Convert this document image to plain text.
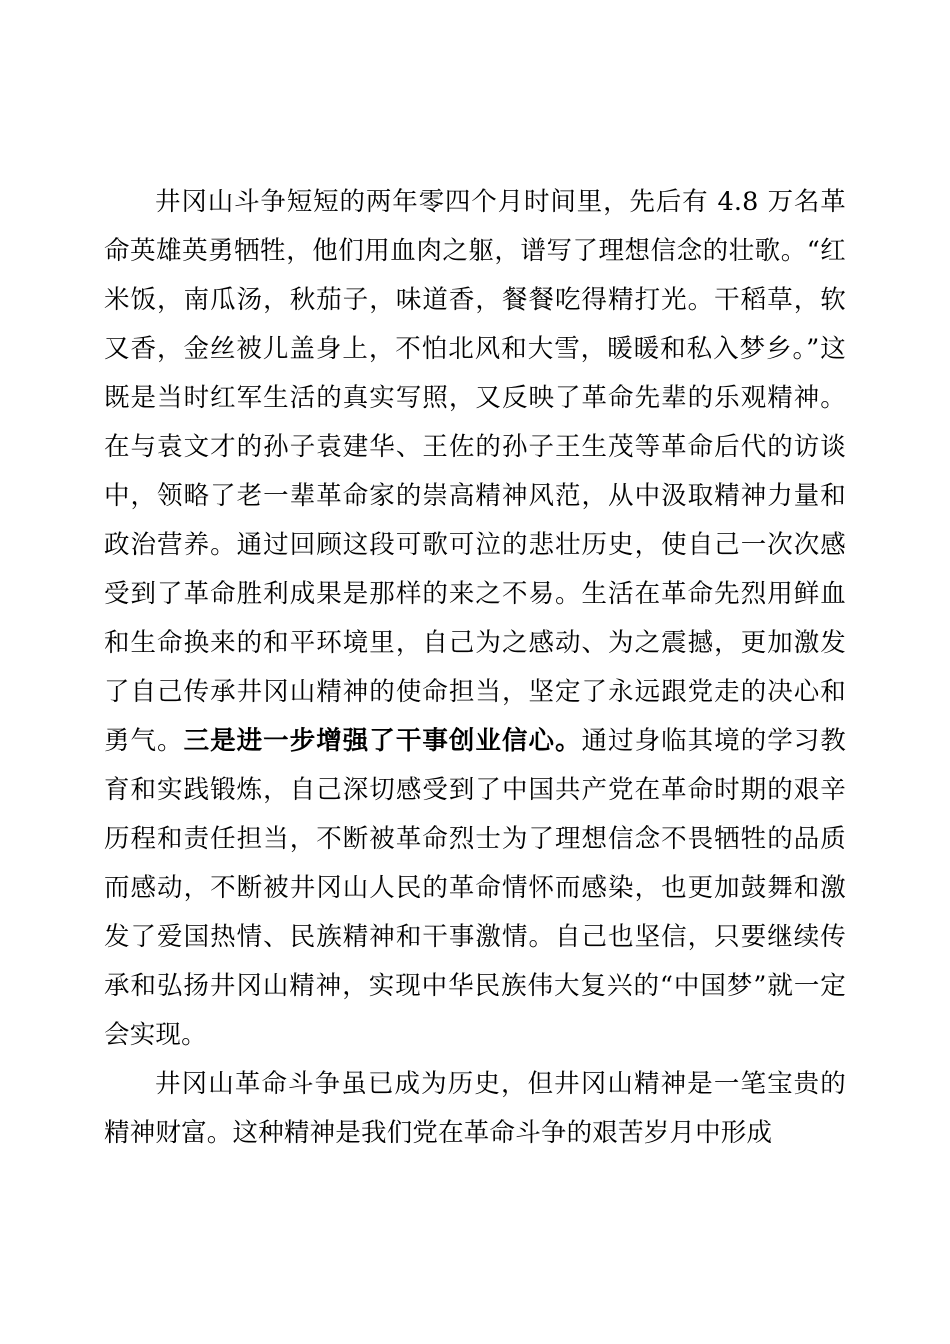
井冈山斗争短短的两年零四个月时间里，先后有 4.8 万名革命英雄英勇牺牲，他们用血肉之躯，谱写了理想信念的壮歌。“红米饭，南瓜汤，秋茄子，味道香，餐餐吃得精打光。干稻草，软又香，金丝被儿盖身上，不怕北风和大雪，暖暖和私入梦乡。”这既是当时红军生活的真实写照，又反映了革命先辈的乐观精神。在与袁文才的孙子袁建华、王佐的孙子王生茂等革命后代的访谈中，领略了老一辈革命家的崇高精神风范，从中汲取精神力量和政治营养。通过回顾这段可歌可泣的悲壮历史，使自己一次次感受到了革命胜利成果是那样的来之不易。生活在革命先烈用鲜血和生命换来的和平环境里，自己为之感动、为之震撼，更加激发了自己传承井冈山精神的使命担当，坚定了永远跟党走的决心和勇气。三是进一步增强了干事创业信心。通过身临其境的学习教育和实践锻炼，自己深切感受到了中国共产党在革命时期的艰辛历程和责任担当，不断被革命烈士为了理想信念不畏牺牲的品质而感动，不断被井冈山人民的革命情怀而感染，也更加鼓舞和激发了爱国热情、民族精神和干事激情。自己也坚信，只要继续传承和弘扬井冈山精神，实现中华民族伟大复兴的“中国梦”就一定会实现。

井冈山革命斗争虽已成为历史，但井冈山精神是一笔宝贵的精神财富。这种精神是我们党在革命斗争的艰苦岁月中形成
